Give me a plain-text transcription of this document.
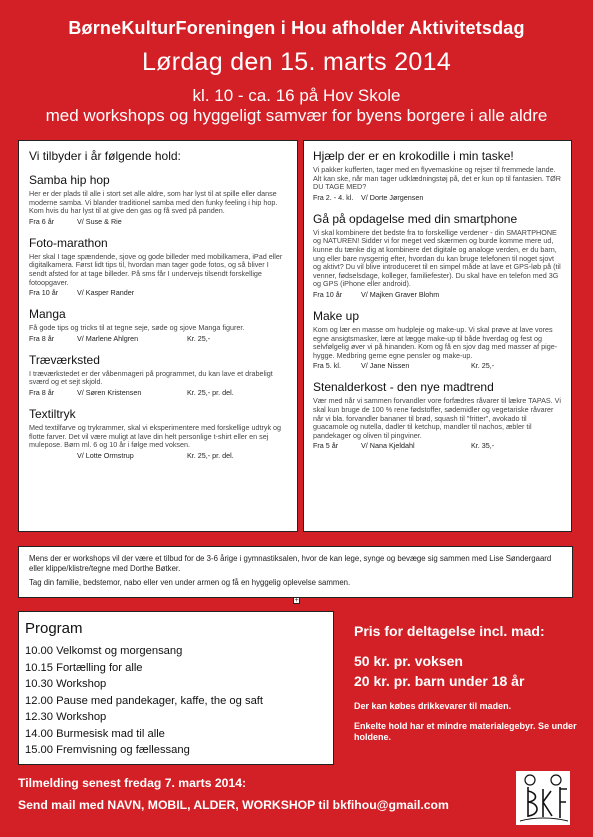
BørneKulturForeningen i Hou afholder Aktivitetsdag
Lørdag den 15. marts 2014
kl. 10 - ca. 16 på Hov Skole
med workshops og hyggeligt samvær for byens borgere i alle aldre
Vi tilbyder i år følgende hold:
Samba hip hop

Her er der plads til alle i stort set alle aldre, som har lyst til at spille eller danse moderne samba. Vi blander traditionel samba med den funky feeling i hip hop. Kom hvis du har lyst til at give den gas og få sved på panden.

Fra 6 år	V/ Suse & Rie
Foto-marathon

Her skal I tage spændende, sjove og gode billeder med mobilkamera, iPad eller digitalkamera. Først lidt tips til, hvordan man tager gode fotos, og så bliver I sendt afsted for at tage billeder. På sms får I undervejs tilsendt forskellige fotoopgaver.

Fra 10 år	V/ Kasper Rander
Manga

Få gode tips og tricks til at tegne seje, søde og sjove Manga figurer.

Fra 8 år	V/ Marlene Ahlgren	Kr. 25,-
Træværksted

I træværkstedet er der våbenmageri på programmet, du kan lave et drabeligt sværd og et sejt skjold.

Fra 8 år	V/ Søren Kristensen	Kr. 25,- pr. del.
Textiltryk

Med textilfarve og trykrammer, skal vi eksperimentere med forskellige udtryk og flotte farver. Det vil være muligt at lave din helt personlige t-shirt eller en sej mulepose. Børn ml. 6 og 10 år i følge med voksen.

V/ Lotte Ormstrup	Kr. 25,- pr. del.
Hjælp der er en krokodille i min taske!

Vi pakker kufferten, tager med en flyvemaskine og rejser til fremmede lande. Alt kan ske, når man tager udklædningstøj på, det er kun op til fantasien. TØR DU TAGE MED?

Fra 2. - 4. kl.	V/ Dorte Jørgensen
Gå på opdagelse med din smartphone

Vi skal kombinere det bedste fra to forskellige verdener - din SMARTPHONE og NATUREN! Sidder vi for meget ved skærmen og burde komme mere ud, kunne du tænke dig at kombinere det digitale og analoge verden, er du barn, ung eller bare nysgerrig efter, hvordan du kan bruge telefonen til noget sjovt og aktivt? Du vil blive introduceret til en simpel måde at lave et GPS-løb på (til venner, fødselsdage, kolleger, familiefester). Du skal have en telefon med 3G og GPS (iPhone eller android).

Fra 10 år	V/ Majken Graver Blohm
Make up

Kom og lær en masse om hudpleje og make-up. Vi skal prøve at lave vores egne ansigtsmasker, lære at lægge make-up til både hverdag og fest og selvfølgelig øver vi på hinanden. Kom og få en sjov dag med masser af pige-hygge. Medbring gerne egne pensler og make-up.

Fra 5. kl.	V/ Jane Nissen	Kr. 25,-
Stenalderkost - den nye madtrend

Vær med når vi sammen forvandler vore forfædres råvarer til lækre TAPAS. Vi skal kun bruge de 100 % rene fødstoffer, sødemidler og vegetariske råvarer når vi bla. forvandler bananer til brød, squash til "fritter", avokado til guacamole og nutella, dadler til ketchup, mandler til nachos, æbler til pandekager og oliven til pingviner.

Fra 5 år	V/ Nana Kjeldahl	Kr. 35,-

Mens der er workshops vil der være et tilbud for de 3-6 årige i gymnastiksalen, hvor de kan lege, synge og bevæge sig sammen med Lise Søndergaard eller klippe/klistre/tegne med Dorthe Bøtker.

Tag din familie, bedstemor, nabo eller ven under armen og få en hyggelig oplevelse sammen.

+
Program
10.00 Velkomst og morgensang
10.15 Fortælling for alle
10.30 Workshop
12.00 Pause med pandekager, kaffe, the og saft
12.30 Workshop
14.00 Burmesisk mad til alle
15.00 Fremvisning og fællessang
Pris for deltagelse incl. mad:
50 kr. pr. voksen
20 kr. pr. barn under 18 år
Der kan købes drikkevarer til maden.
Enkelte hold har et mindre materialegebyr. Se under holdene.
Tilmelding senest fredag 7. marts 2014:
Send mail med NAVN, MOBIL, ALDER, WORKSHOP til bkfihou@gmail.com
